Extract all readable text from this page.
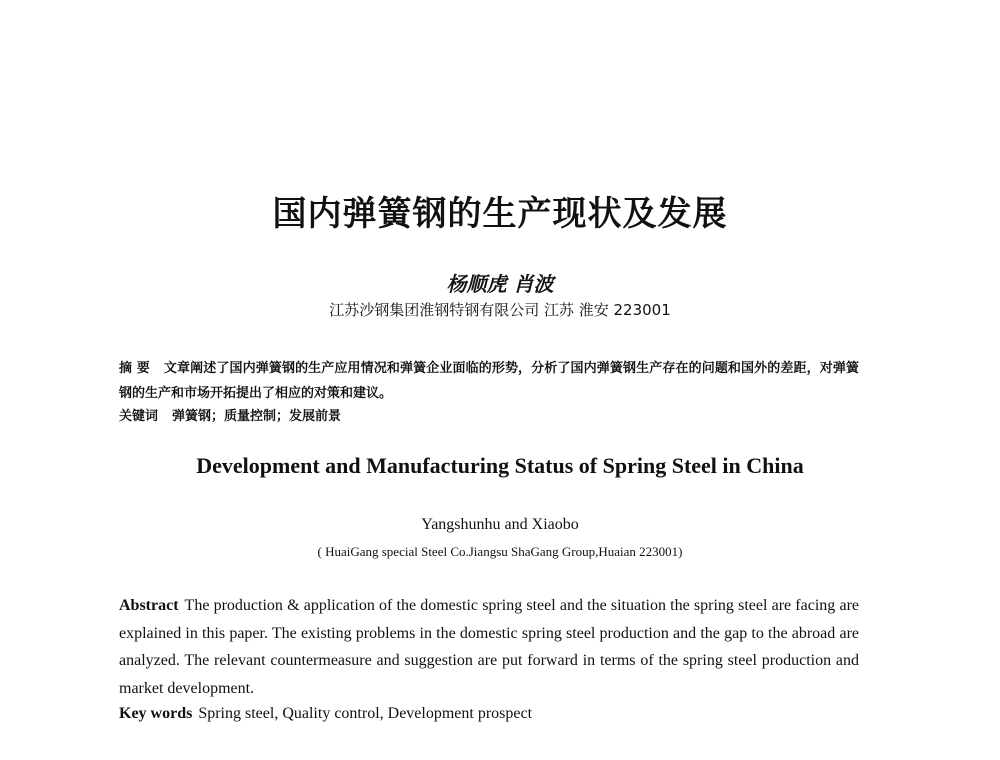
国内弹簧钢的生产现状及发展
杨顺虎 肖波
江苏沙钢集团淮钢特钢有限公司 江苏 淮安 223001
摘 要 文章阐述了国内弹簧钢的生产应用情况和弹簧企业面临的形势，分析了国内弹簧钢生产存在的问题和国外的差距，对弹簧钢的生产和市场开拓提出了相应的对策和建议。
关键词 弹簧钢；质量控制；发展前景
Development and Manufacturing Status of Spring Steel in China
Yangshunhu and Xiaobo
( HuaiGang special Steel Co.Jiangsu ShaGang Group,Huaian 223001)
Abstract The production & application of the domestic spring steel and the situation the spring steel are facing are explained in this paper. The existing problems in the domestic spring steel production and the gap to the abroad are analyzed. The relevant countermeasure and suggestion are put forward in terms of the spring steel production and market development.
Key words Spring steel, Quality control, Development prospect
